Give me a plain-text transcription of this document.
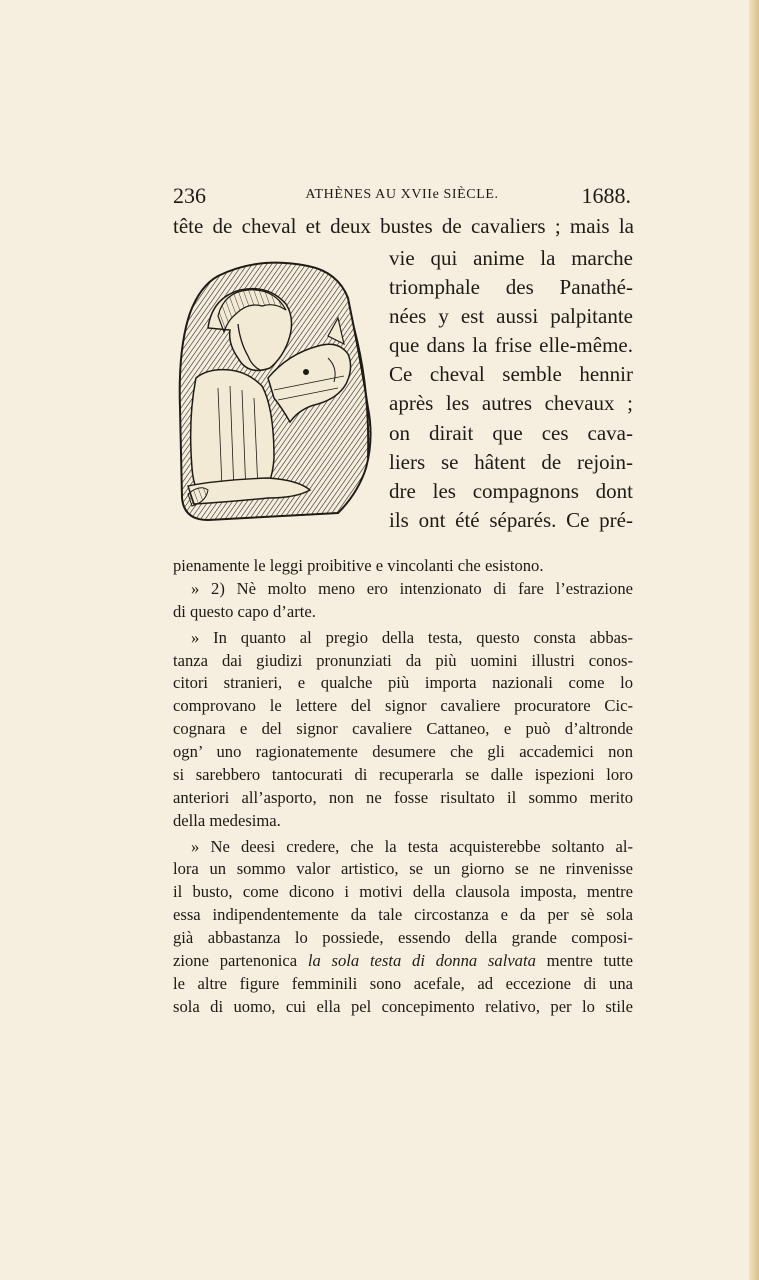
236	ATHÈNES AU XVIIe SIÈCLE.	1688.
tête de cheval et deux bustes de cavaliers ; mais la
vie qui anime la marche
triomphale des Panathé-
nées y est aussi palpitante
que dans la frise elle-même.
Ce cheval semble hennir
après les autres chevaux ;
on dirait que ces cava-
liers se hâtent de rejoin-
dre les compagnons dont
ils ont été séparés. Ce pré-
pienamente le leggi proibitive e vincolanti che esistono.
» 2) Nè molto meno ero intenzionato di fare l’estrazione
di questo capo d’arte.
» In quanto al pregio della testa, questo consta abbas-
tanza dai giudizi pronunziati da più uomini illustri conos-
citori stranieri, e qualche più importa nazionali come lo
comprovano le lettere del signor cavaliere procuratore Cic-
cognara e del signor cavaliere Cattaneo, e può d’altronde
ogn’ uno ragionatemente desumere che gli accademici non
si sarebbero tantocurati di recuperarla se dalle ispezioni loro
anteriori all’asporto, non ne fosse risultato il sommo merito
della medesima.
» Ne deesi credere, che la testa acquisterebbe soltanto al-
lora un sommo valor artistico, se un giorno se ne rinvenisse
il busto, come dicono i motivi della clausola imposta, mentre
essa indipendentemente da tale circostanza e da per sè sola
già abbastanza lo possiede, essendo della grande composi-
zione partenonica la sola testa di donna salvata mentre tutte
le altre figure femminili sono acefale, ad eccezione di una
sola di uomo, cui ella pel concepimento relativo, per lo stile
